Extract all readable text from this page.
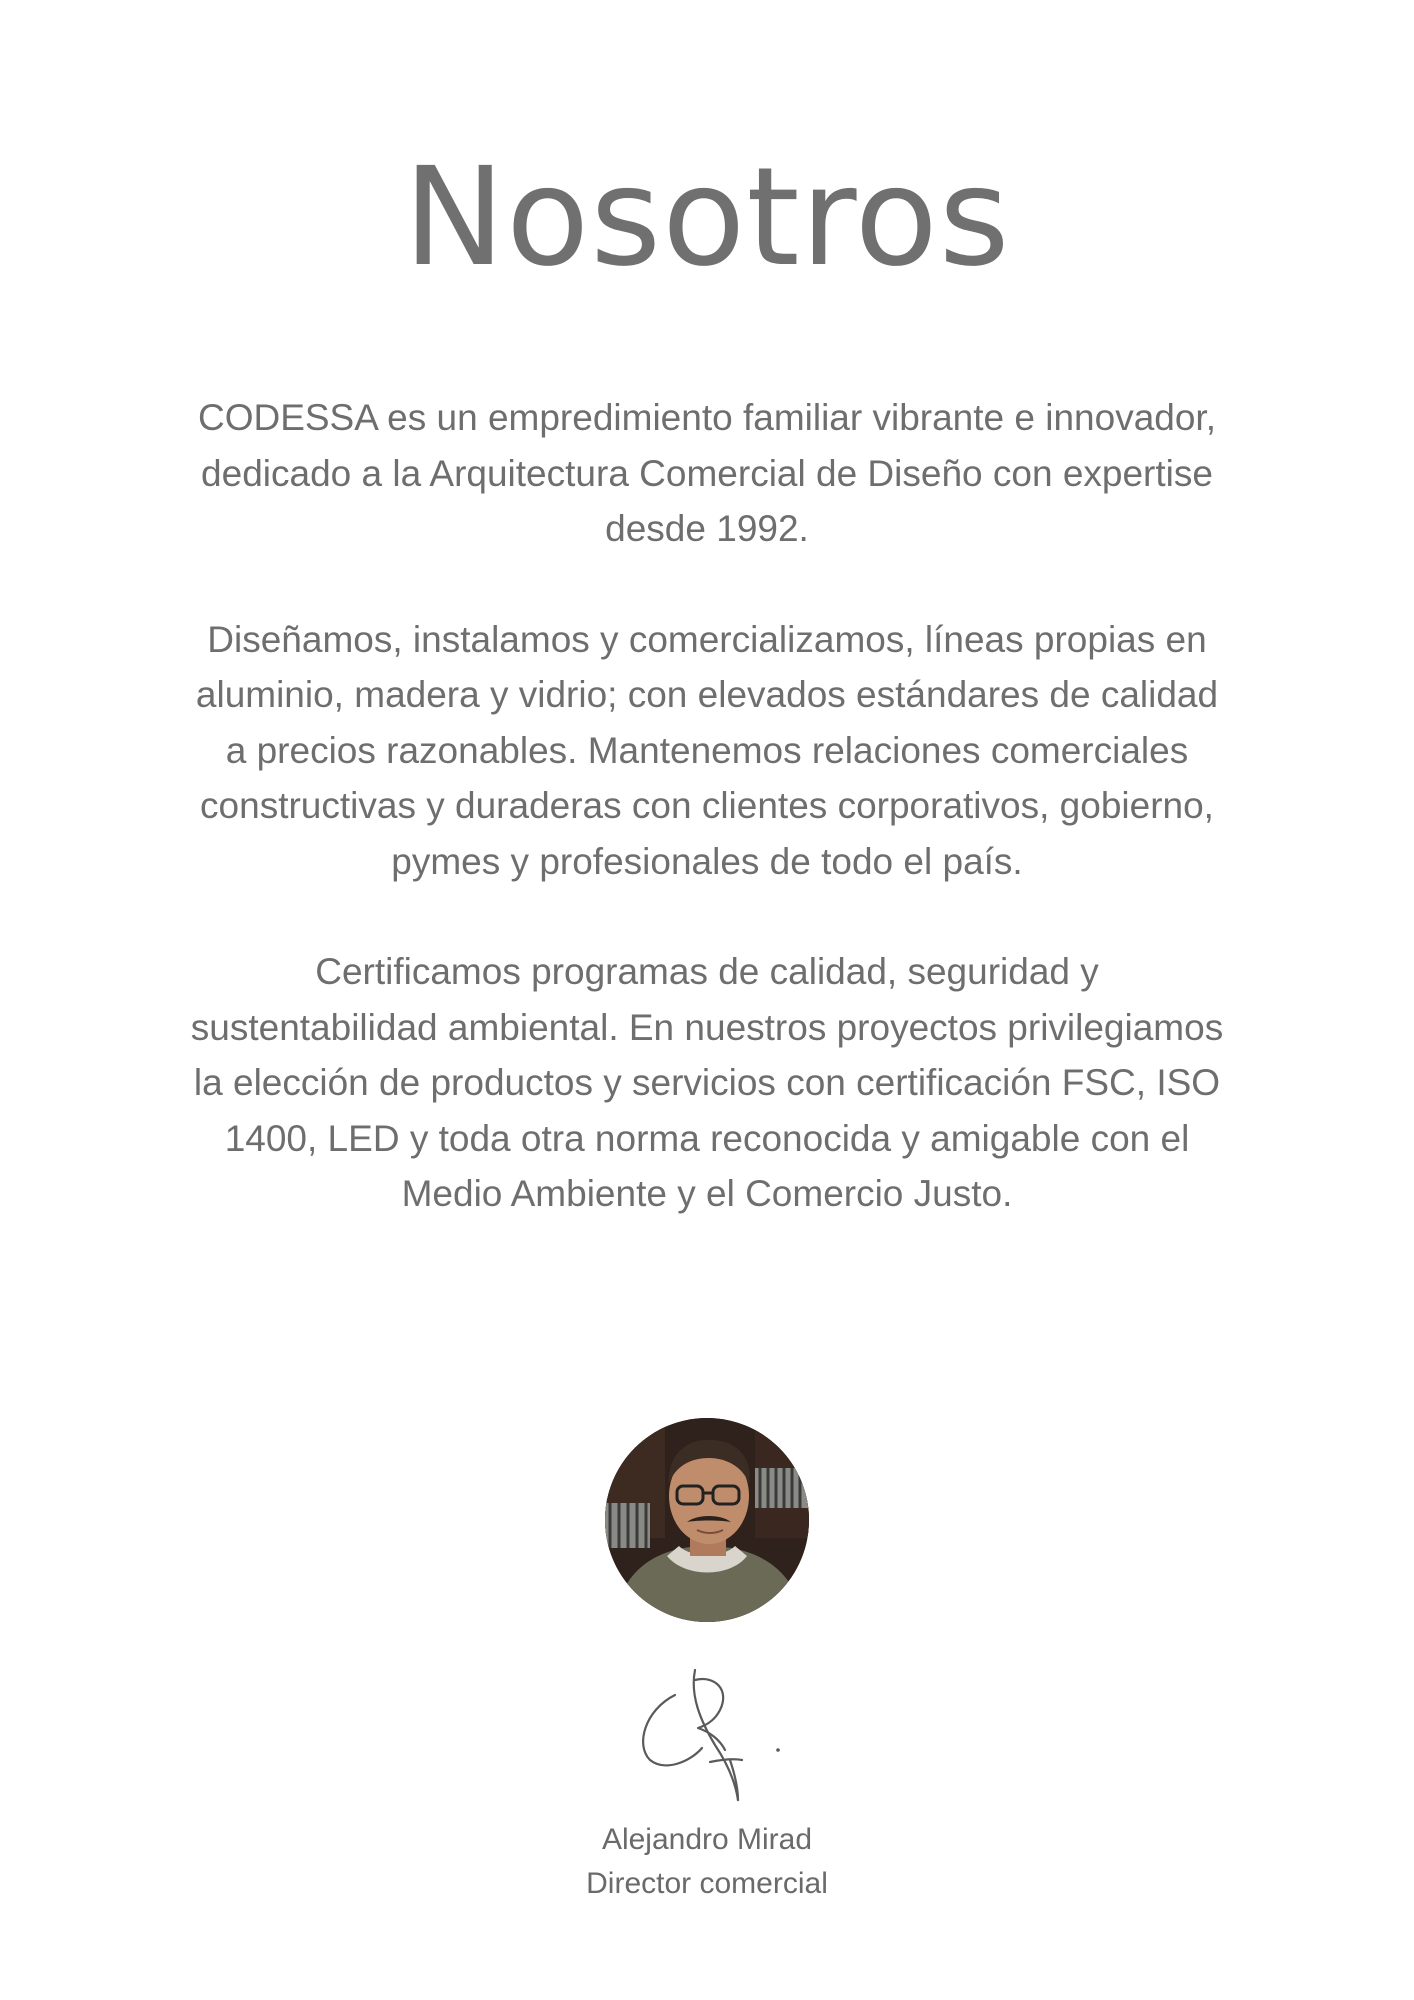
Nosotros

CODESSA es un empredimiento familiar vibrante e innovador, dedicado a la Arquitectura Comercial de Diseño con expertise desde 1992.

Diseñamos, instalamos y comercializamos, líneas propias en aluminio, madera y vidrio; con elevados estándares de calidad a precios razonables. Mantenemos relaciones comerciales constructivas y duraderas con clientes corporativos, gobierno, pymes y profesionales de todo el país.

Certificamos programas de calidad, seguridad y sustentabilidad ambiental. En nuestros proyectos privilegiamos la elección de productos y servicios con certificación FSC, ISO 1400, LED y toda otra norma reconocida y amigable con el Medio Ambiente y el Comercio Justo.

Alejandro Mirad
Director comercial
